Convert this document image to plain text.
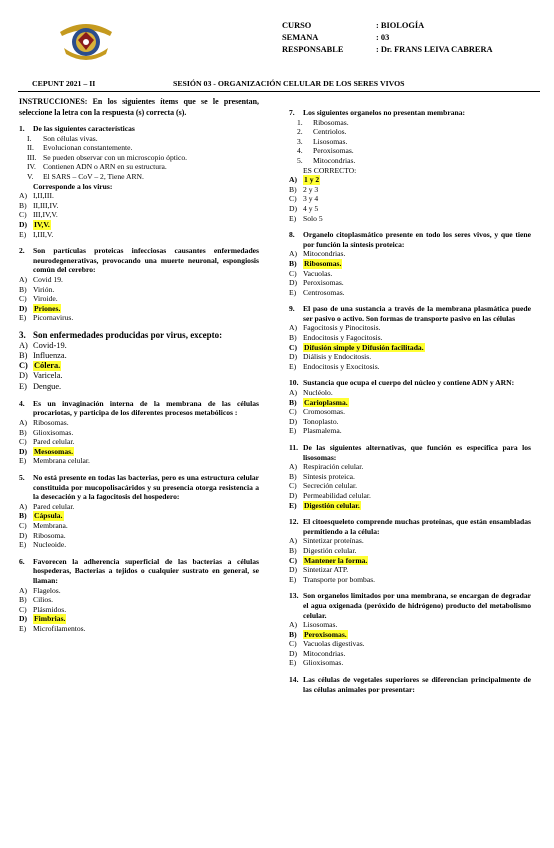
CURSO	: BIOLOGÍA
SEMANA	: 03
RESPONSABLE	: Dr. FRANS LEIVA CABRERA
CEPUNT 2021 – II	SESIÓN 03 - ORGANIZACIÓN CELULAR DE LOS SERES VIVOS
INSTRUCCIONES: En los siguientes ítems que se le presentan, seleccione la letra con la respuesta (s) correcta (s).
1.	De las siguientes características
I.	Son células vivas.
II.	Evolucionan constantemente.
III. Se pueden observar con un microscopio óptico.
IV. Contienen ADN o ARN en su estructura.
V.	El SARS – CoV – 2, Tiene ARN.
Corresponde a los virus:
A) I,II,III.
B) II,III,IV.
C) III,IV,V.
D) IV,V.
E) I,III,V.
2.	Son partículas proteicas infecciosas causantes enfermedades neurodegenerativas, provocando una muerte neuronal, espongiosis común del cerebro:
A) Covid 19.
B) Virión.
C) Viroide.
D) Priones.
E) Picornavirus.
3. Son enfermedades producidas por virus, excepto:
A) Covid-19.
B) Influenza.
C) Cólera.
D) Varicela.
E) Dengue.
4.	Es un invaginación interna de la membrana de las células procariotas, y participa de los diferentes procesos metabólicos :
A) Ribosomas.
B) Glioxisomas.
C) Pared celular.
D) Mesosomas.
E) Membrana celular.
5.	No está presente en todas las bacterias, pero es una estructura celular constituida por mucopolisacáridos y su presencia otorga resistencia a la desecación y a la fagocitosis del hospedero:
A) Pared celular.
B) Cápsula.
C) Membrana.
D) Ribosoma.
E) Nucleoide.
6.	Favorecen la adherencia superficial de las bacterias a células hospederas, Bacterias a tejidos o cualquier sustrato en general, se llaman:
A) Flagelos.
B) Cilios.
C) Plásmidos.
D) Fimbrias.
E) Microfilamentos.
7.	Los siguientes organelos no presentan membrana:
1.	Ribosomas.
2.	Centriolos.
3.	Lisosomas.
4.	Peroxisomas.
5.	Mitocondrias.
ES CORRECTO:
A) 1 y 2
B) 2 y 3
C) 3 y 4
D) 4 y 5
E) Solo 5
8.	Organelo citoplasmático presente en todo los seres vivos, y que tiene por función la síntesis proteica:
A) Mitocondrias.
B) Ribosomas.
C) Vacuolas.
D) Peroxisomas.
E) Centrosomas.
9.	El paso de una sustancia a través de la membrana plasmática puede ser pasivo o activo. Son formas de transporte pasivo en las células
A) Fagocitosis y Pinocitosis.
B) Endocitosis y Fagocitosis.
C) Difusión simple y Difusión facilitada.
D) Diálisis y Endocitosis.
E) Endocitosis y Exocitosis.
10. Sustancia que ocupa el cuerpo del núcleo y contiene ADN y ARN:
A) Nucléolo.
B) Carioplasma.
C) Cromosomas.
D) Tonoplasto.
E) Plasmalema.
11. De las siguientes alternativas, que función es específica para los lisosomas:
A) Respiración celular.
B) Síntesis proteica.
C) Secreción celular.
D) Permeabilidad celular.
E) Digestión celular.
12. El citoesqueleto comprende muchas proteínas, que están ensambladas permitiendo a la célula:
A) Sintetizar proteínas.
B) Digestión celular.
C) Mantener la forma.
D) Sintetizar ATP.
E) Transporte por bombas.
13. Son organelos limitados por una membrana, se encargan de degradar el agua oxigenada (peróxido de hidrógeno) producto del metabolismo celular.
A) Lisosomas.
B) Peroxisomas.
C) Vacuolas digestivas.
D) Mitocondrias.
E) Glioxisomas.
14. Las células de vegetales superiores se diferencian principalmente de las células animales por presentar:
